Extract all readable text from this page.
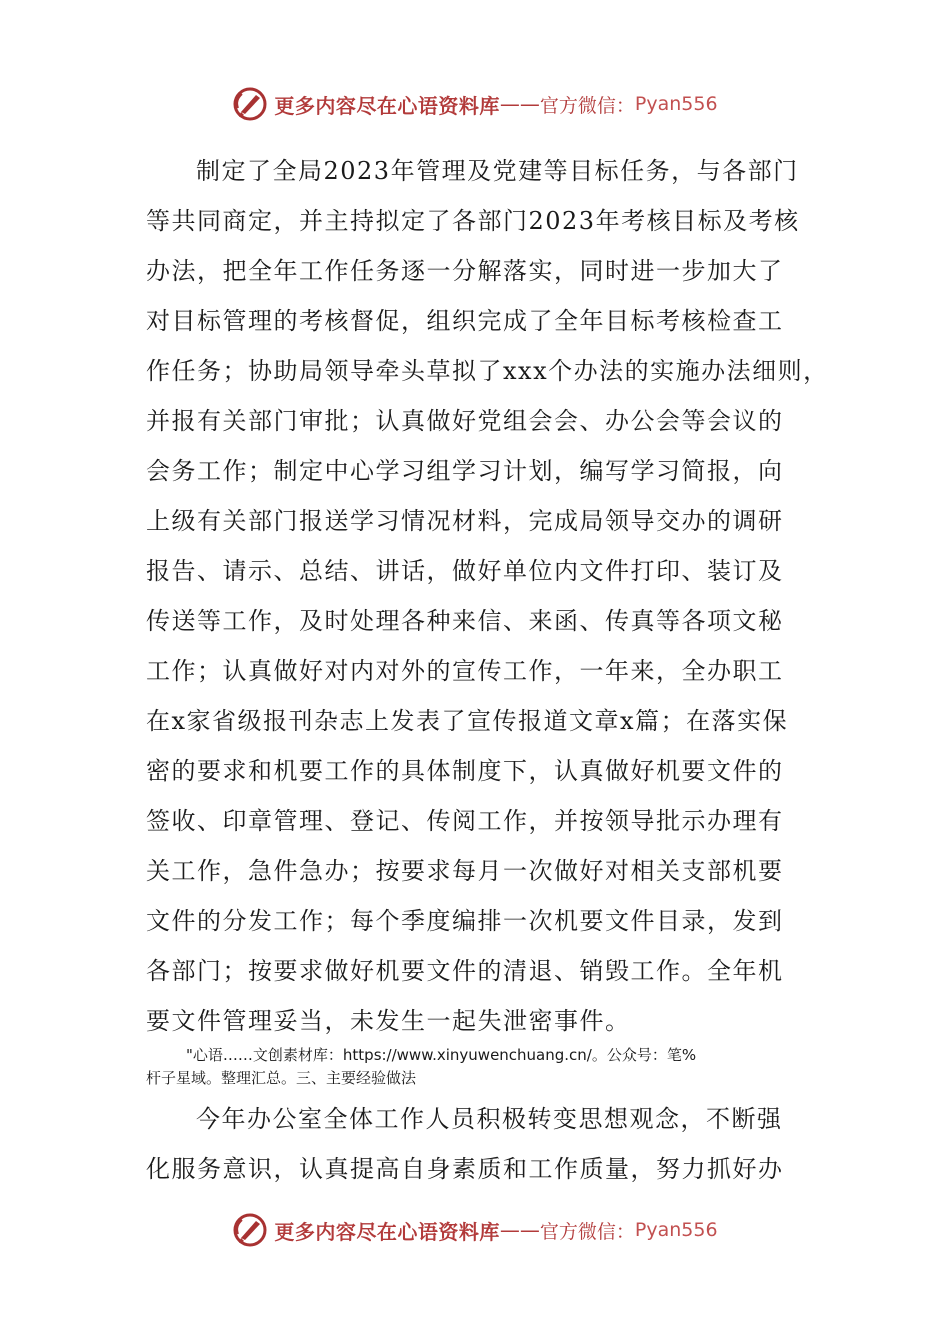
更多内容尽在心语资料库 —— 官方微信： Pyan556
制定了全局2023年管理及党建等目标任务，与各部门
等共同商定，并主持拟定了各部门2023年考核目标及考核
办法，把全年工作任务逐一分解落实，同时进一步加大了
对目标管理的考核督促，组织完成了全年目标考核检查工
作任务；协助局领导牵头草拟了xxx个办法的实施办法细则，
并报有关部门审批；认真做好党组会会、办公会等会议的
会务工作；制定中心学习组学习计划，编写学习简报，向
上级有关部门报送学习情况材料，完成局领导交办的调研
报告、请示、总结、讲话，做好单位内文件打印、装订及
传送等工作，及时处理各种来信、来函、传真等各项文秘
工作；认真做好对内对外的宣传工作，一年来，全办职工
在x家省级报刊杂志上发表了宣传报道文章x篇；在落实保
密的要求和机要工作的具体制度下，认真做好机要文件的
签收、印章管理、登记、传阅工作，并按领导批示办理有
关工作，急件急办；按要求每月一次做好对相关支部机要
文件的分发工作；每个季度编排一次机要文件目录，发到
各部门；按要求做好机要文件的清退、销毁工作。全年机
要文件管理妥当，未发生一起失泄密事件。
"心语……文创素材库：https://www.xinyuwenchuang.cn/。公众号：笔%
杆子星域。整理汇总。三、主要经验做法
今年办公室全体工作人员积极转变思想观念，不断强
化服务意识，认真提高自身素质和工作质量，努力抓好办
更多内容尽在心语资料库 —— 官方微信： Pyan556
